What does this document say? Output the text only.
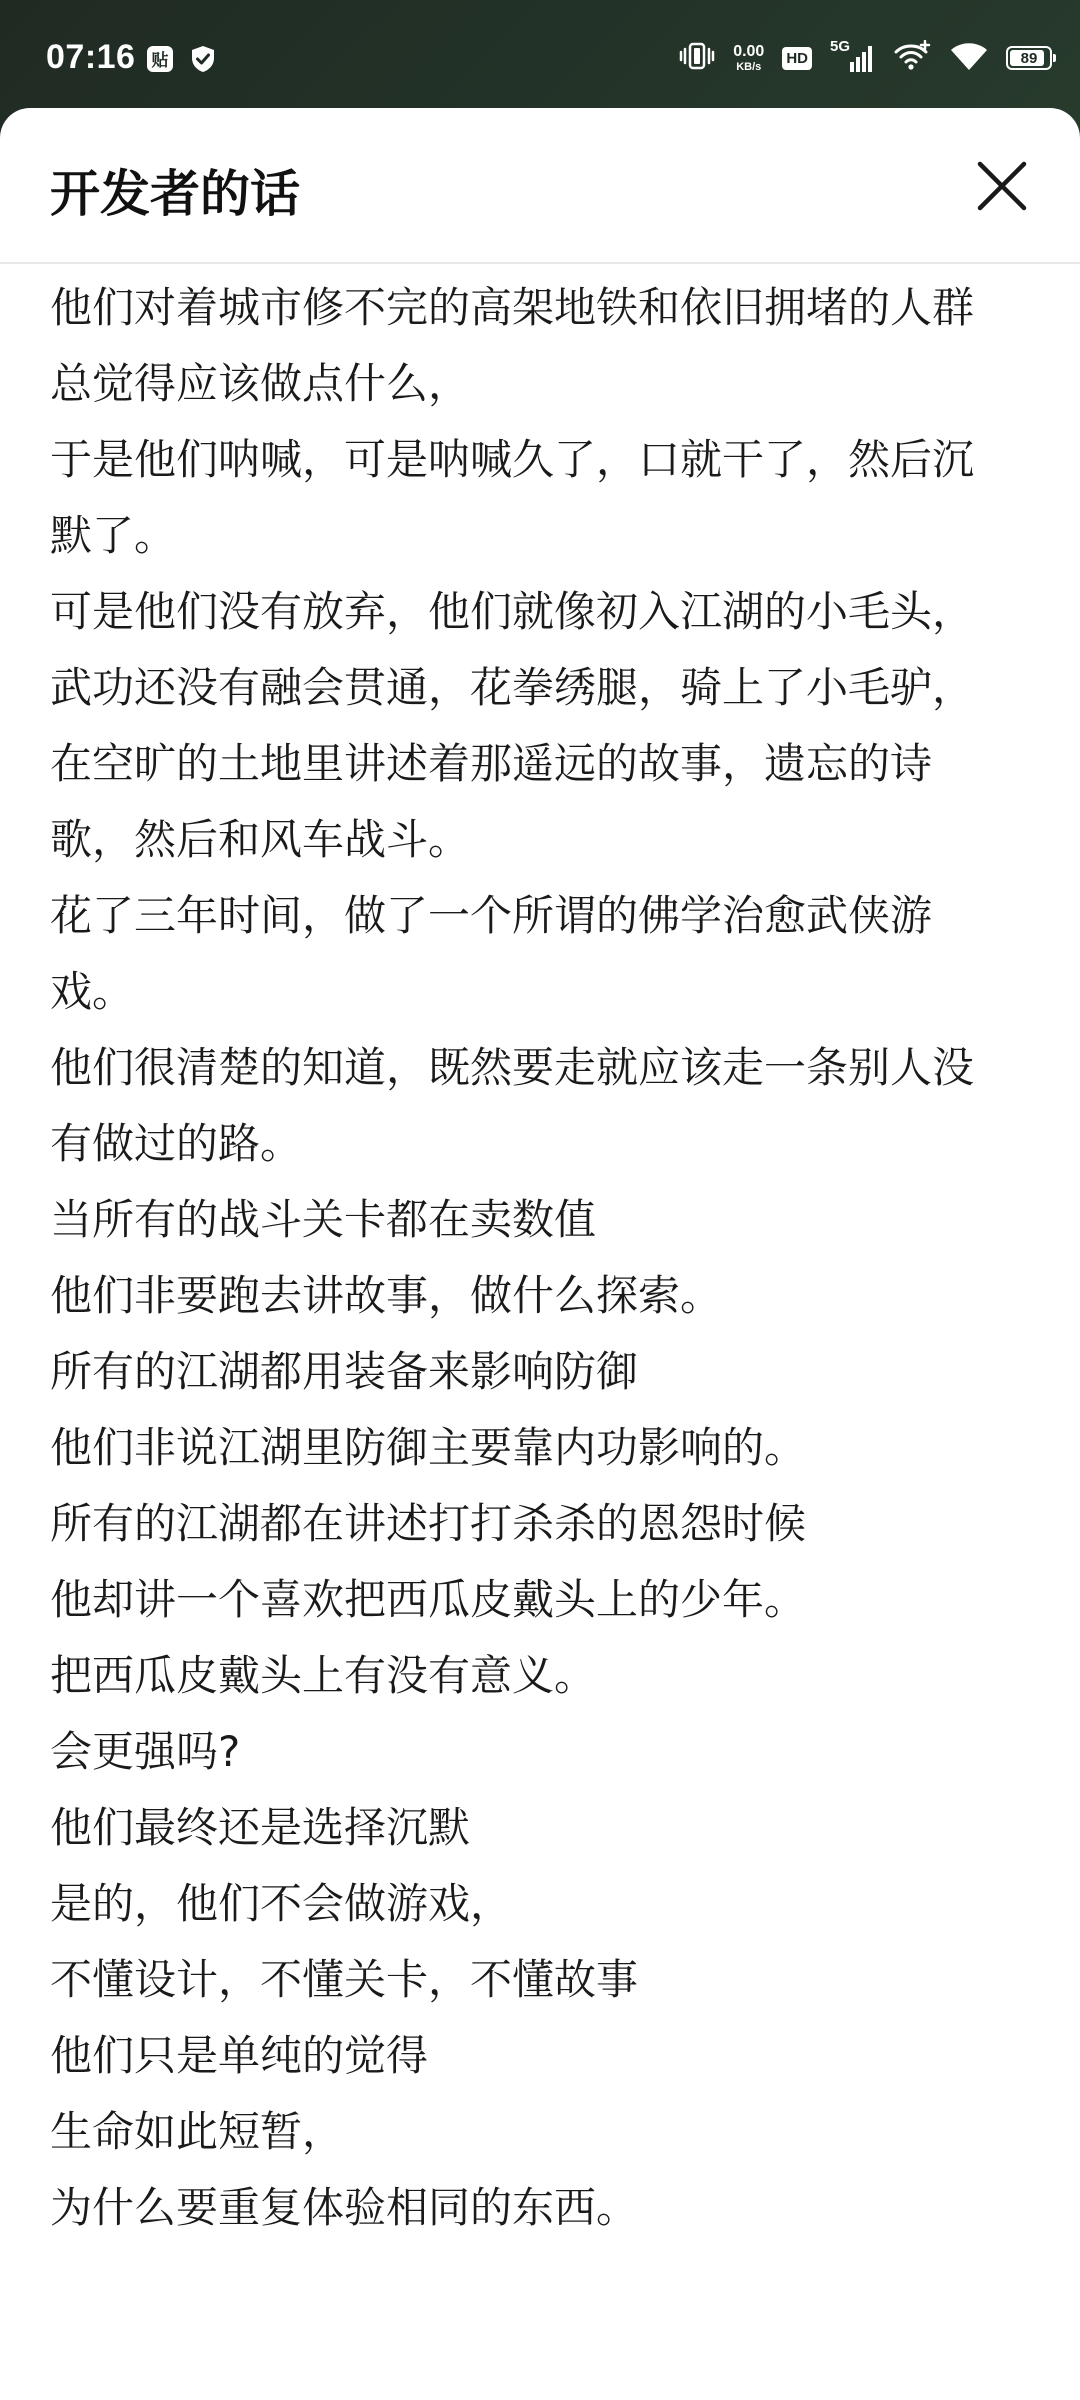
07:16 贴	0.00
KB/s HD
5G
89
开发者的话

他们对着城市修不完的高架地铁和依旧拥堵的人群总觉得应该做点什么，

于是他们呐喊，可是呐喊久了，口就干了，然后沉默了。

可是他们没有放弃，他们就像初入江湖的小毛头，武功还没有融会贯通，花拳绣腿，骑上了小毛驴，

在空旷的土地里讲述着那遥远的故事，遗忘的诗歌，然后和风车战斗。

花了三年时间，做了一个所谓的佛学治愈武侠游戏。

他们很清楚的知道，既然要走就应该走一条别人没有做过的路。

当所有的战斗关卡都在卖数值

他们非要跑去讲故事，做什么探索。

所有的江湖都用装备来影响防御

他们非说江湖里防御主要靠内功影响的。

所有的江湖都在讲述打打杀杀的恩怨时候

他却讲一个喜欢把西瓜皮戴头上的少年。

把西瓜皮戴头上有没有意义。

会更强吗?

他们最终还是选择沉默

是的，他们不会做游戏，

不懂设计，不懂关卡，不懂故事

他们只是单纯的觉得

生命如此短暂，

为什么要重复体验相同的东西。
